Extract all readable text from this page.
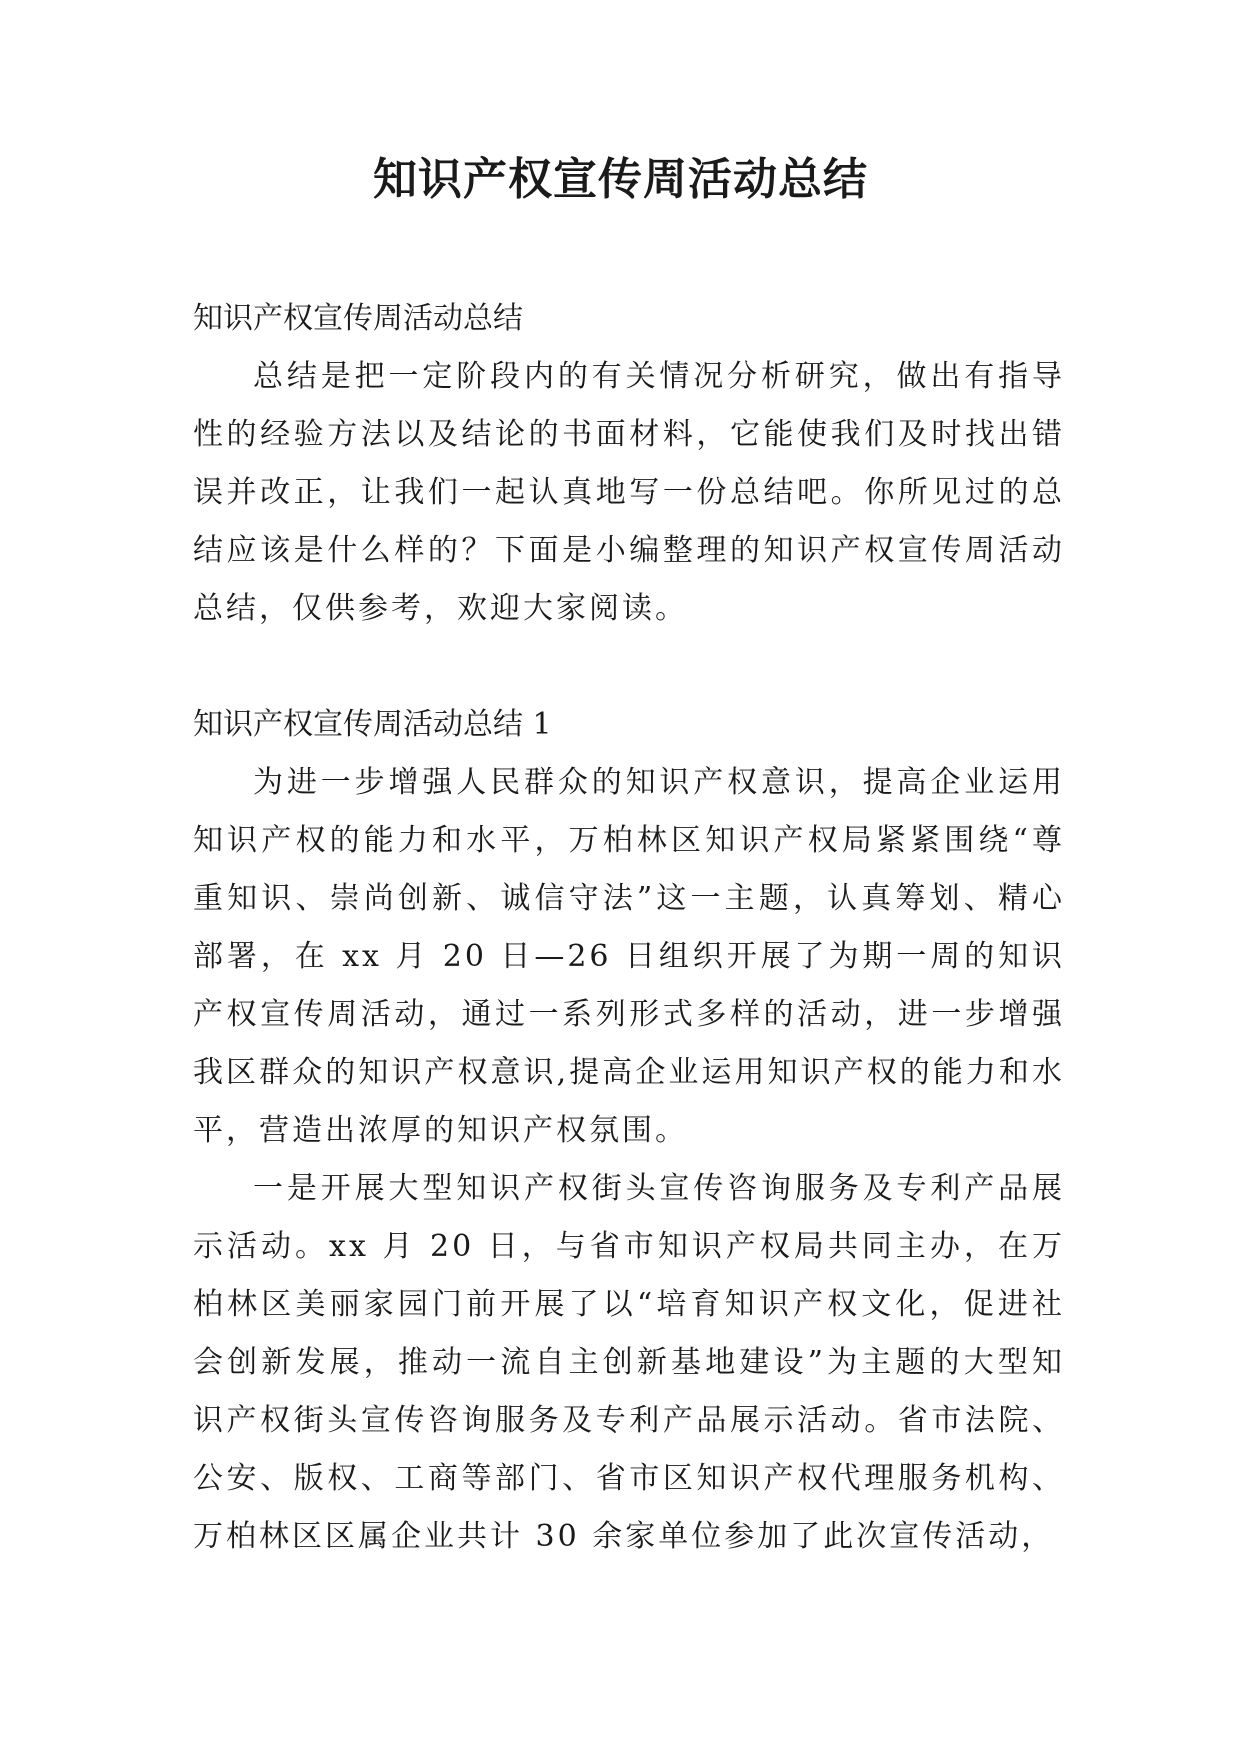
知识产权宣传周活动总结

知识产权宣传周活动总结

总结是把一定阶段内的有关情况分析研究，做出有指导性的经验方法以及结论的书面材料，它能使我们及时找出错误并改正，让我们一起认真地写一份总结吧。你所见过的总结应该是什么样的？下面是小编整理的知识产权宣传周活动总结，仅供参考，欢迎大家阅读。

知识产权宣传周活动总结 1

为进一步增强人民群众的知识产权意识，提高企业运用知识产权的能力和水平，万柏林区知识产权局紧紧围绕“尊重知识、崇尚创新、诚信守法”这一主题，认真筹划、精心部署，在 xx 月 20 日—26 日组织开展了为期一周的知识产权宣传周活动，通过一系列形式多样的活动，进一步增强我区群众的知识产权意识,提高企业运用知识产权的能力和水平，营造出浓厚的知识产权氛围。

一是开展大型知识产权街头宣传咨询服务及专利产品展示活动。xx 月 20 日，与省市知识产权局共同主办，在万柏林区美丽家园门前开展了以“培育知识产权文化，促进社会创新发展，推动一流自主创新基地建设”为主题的大型知识产权街头宣传咨询服务及专利产品展示活动。省市法院、公安、版权、工商等部门、省市区知识产权代理服务机构、万柏林区区属企业共计 30 余家单位参加了此次宣传活动，
